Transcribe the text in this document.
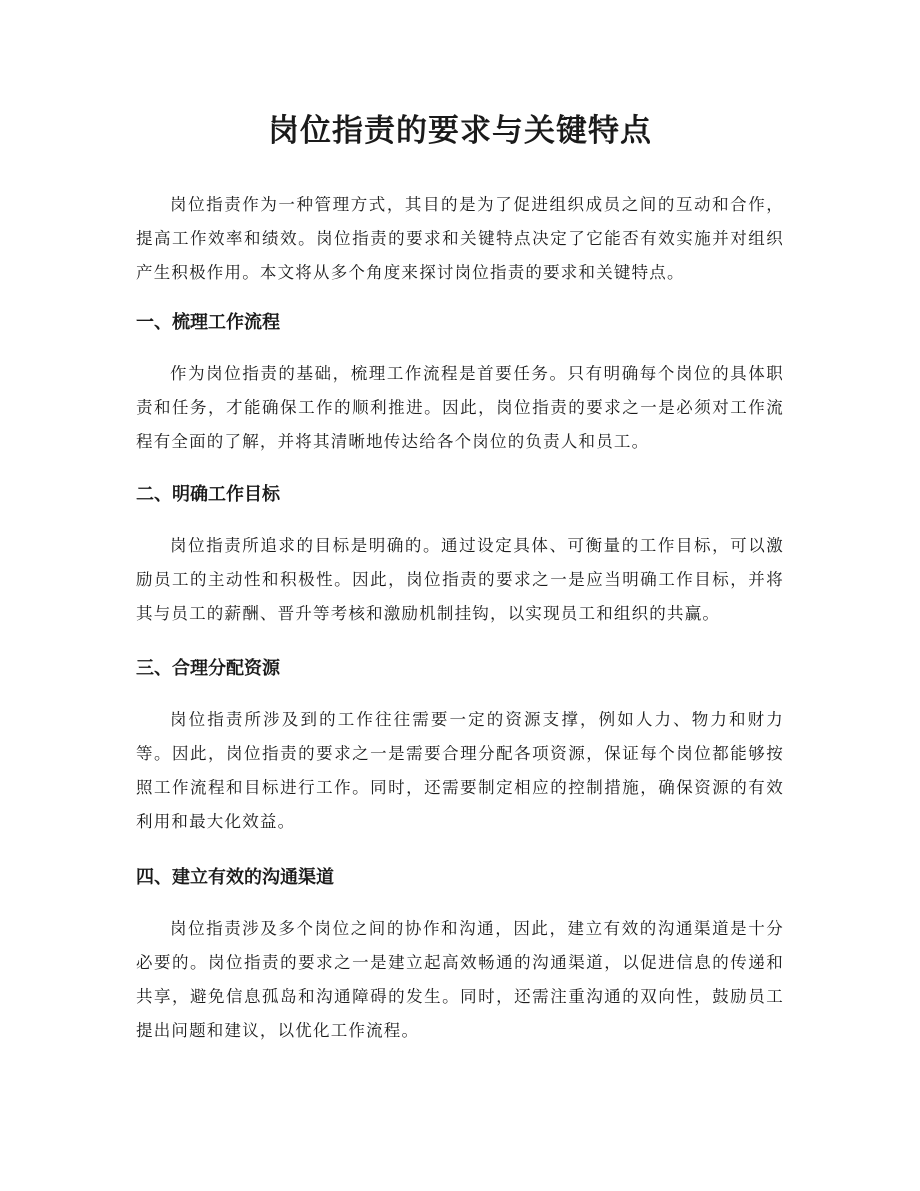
岗位指责的要求与关键特点

岗位指责作为一种管理方式，其目的是为了促进组织成员之间的互动和合作，提高工作效率和绩效。岗位指责的要求和关键特点决定了它能否有效实施并对组织产生积极作用。本文将从多个角度来探讨岗位指责的要求和关键特点。

一、梳理工作流程

作为岗位指责的基础，梳理工作流程是首要任务。只有明确每个岗位的具体职责和任务，才能确保工作的顺利推进。因此，岗位指责的要求之一是必须对工作流程有全面的了解，并将其清晰地传达给各个岗位的负责人和员工。

二、明确工作目标

岗位指责所追求的目标是明确的。通过设定具体、可衡量的工作目标，可以激励员工的主动性和积极性。因此，岗位指责的要求之一是应当明确工作目标，并将其与员工的薪酬、晋升等考核和激励机制挂钩，以实现员工和组织的共赢。

三、合理分配资源

岗位指责所涉及到的工作往往需要一定的资源支撑，例如人力、物力和财力等。因此，岗位指责的要求之一是需要合理分配各项资源，保证每个岗位都能够按照工作流程和目标进行工作。同时，还需要制定相应的控制措施，确保资源的有效利用和最大化效益。

四、建立有效的沟通渠道

岗位指责涉及多个岗位之间的协作和沟通，因此，建立有效的沟通渠道是十分必要的。岗位指责的要求之一是建立起高效畅通的沟通渠道，以促进信息的传递和共享，避免信息孤岛和沟通障碍的发生。同时，还需注重沟通的双向性，鼓励员工提出问题和建议，以优化工作流程。
